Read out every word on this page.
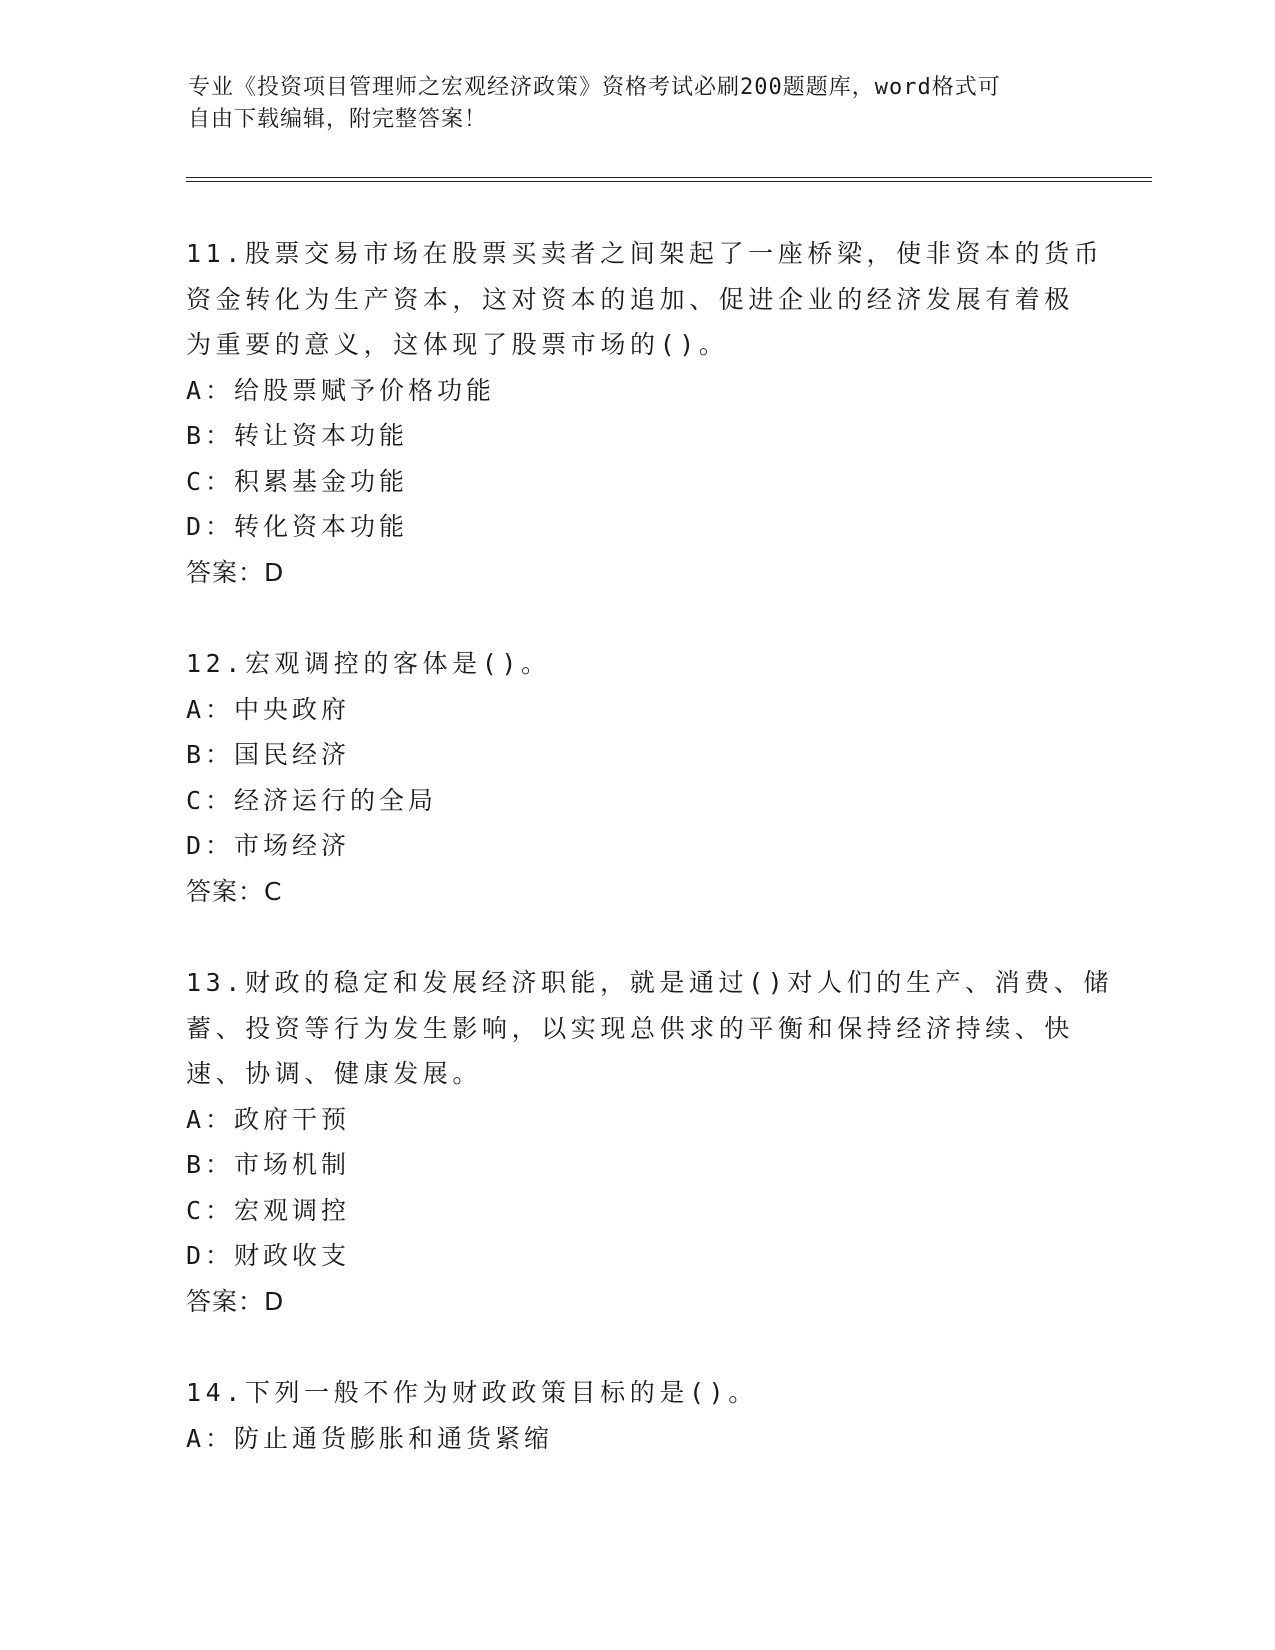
专业《投资项目管理师之宏观经济政策》资格考试必刷200题题库，word格式可
自由下载编辑，附完整答案！
11.股票交易市场在股票买卖者之间架起了一座桥梁，使非资本的货币
资金转化为生产资本，这对资本的追加、促进企业的经济发展有着极
为重要的意义，这体现了股票市场的()。
A：给股票赋予价格功能
B：转让资本功能
C：积累基金功能
D：转化资本功能
答案：D
12.宏观调控的客体是()。
A：中央政府
B：国民经济
C：经济运行的全局
D：市场经济
答案：C
13.财政的稳定和发展经济职能，就是通过()对人们的生产、消费、储
蓄、投资等行为发生影响，以实现总供求的平衡和保持经济持续、快
速、协调、健康发展。
A：政府干预
B：市场机制
C：宏观调控
D：财政收支
答案：D
14.下列一般不作为财政政策目标的是()。
A：防止通货膨胀和通货紧缩
